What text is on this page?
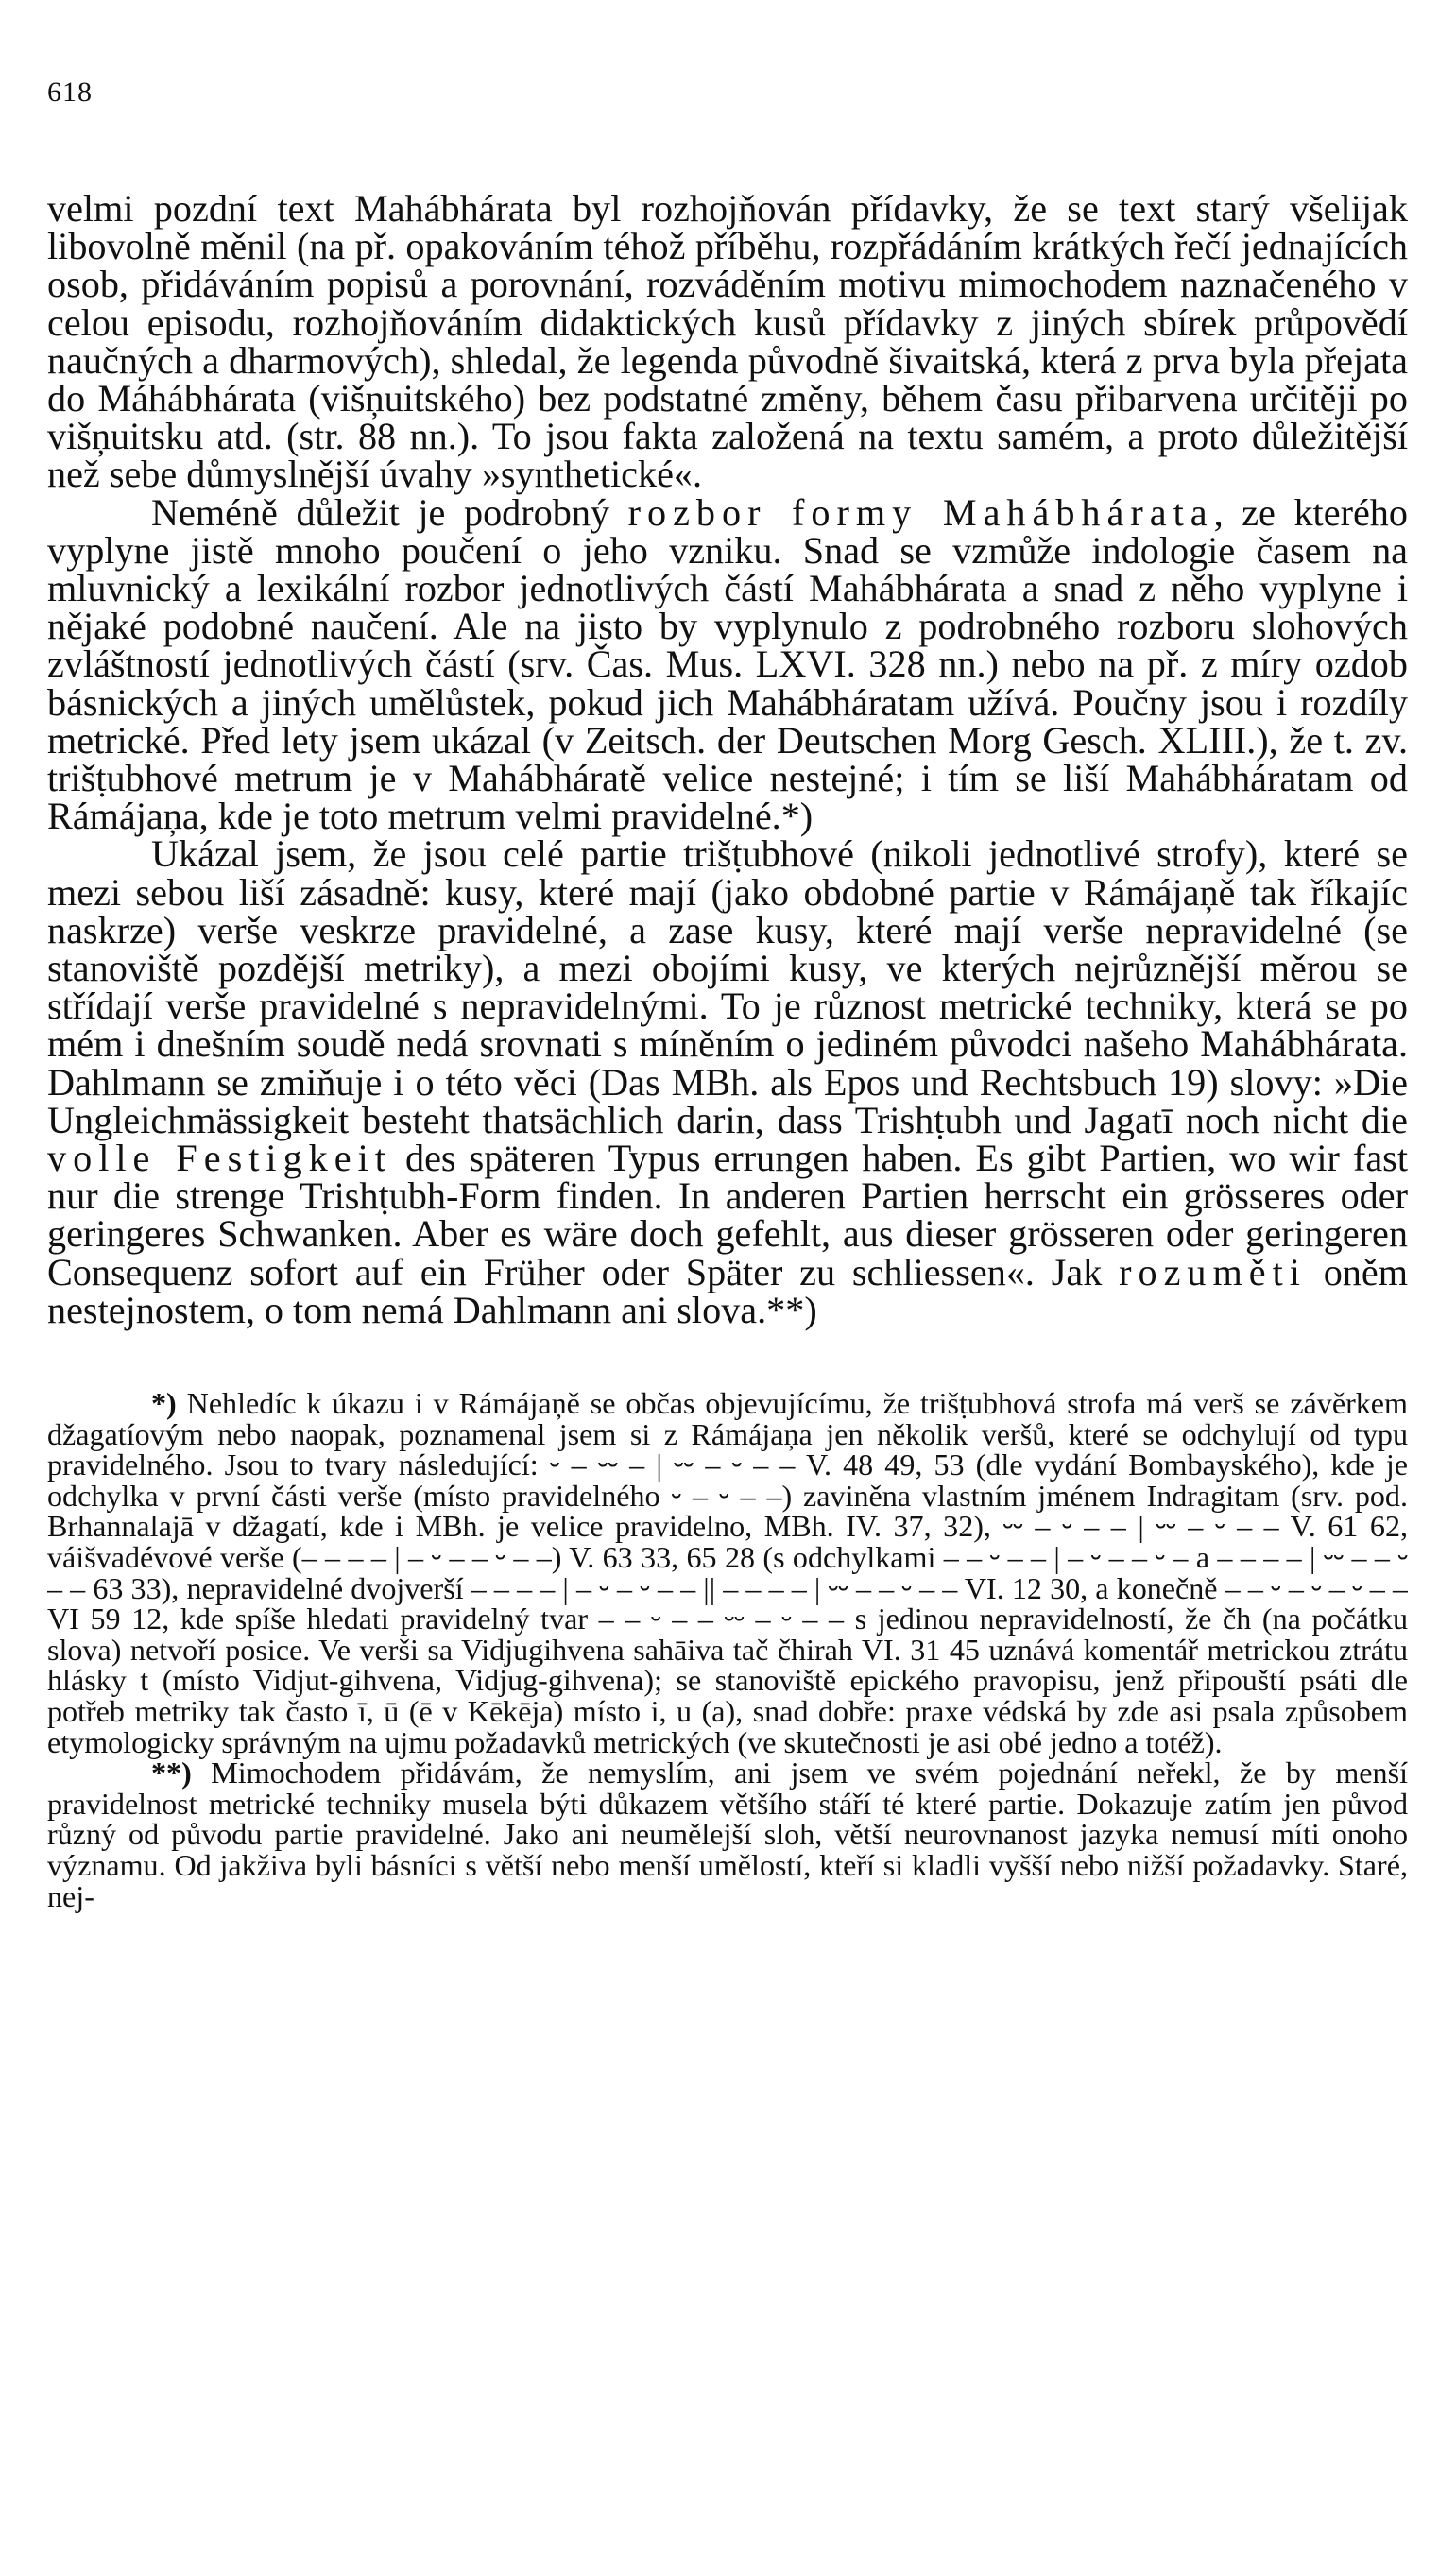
618

velmi pozdní text Mahábhárata byl rozhojňován přídavky, že se text starý všelijak libovolně měnil (na př. opakováním téhož příběhu, rozpřádáním krátkých řečí jednajících osob, přidáváním popisů a porovnání, rozváděním motivu mimochodem naznačeného v celou episodu, rozhojňováním didaktických kusů přídavky z jiných sbírek průpovědí naučných a dharmových), shledal, že legenda původně šivaitská, která z prva byla přejata do Máhábhárata (višņuitského) bez podstatné změny, během času přibarvena určitěji po višņuitsku atd. (str. 88 nn.). To jsou fakta založená na textu samém, a proto důležitější než sebe důmyslnější úvahy »synthetické«.

Neméně důležit je podrobný rozbor formy Mahábhárata, ze kterého vyplyne jistě mnoho poučení o jeho vzniku. Snad se vzmůže indologie časem na mluvnický a lexikální rozbor jednotlivých částí Mahábhárata a snad z něho vyplyne i nějaké podobné naučení. Ale na jisto by vyplynulo z podrobného rozboru slohových zvláštností jednotlivých částí (srv. Čas. Mus. LXVI. 328 nn.) nebo na př. z míry ozdob básnických a jiných umělůstek, pokud jich Mahábháratam užívá. Poučny jsou i rozdíly metrické. Před lety jsem ukázal (v Zeitsch. der Deutschen Morg Gesch. XLIII.), že t. zv. trišṭubhové metrum je v Mahábháratě velice nestejné; i tím se liší Mahábháratam od Rámájaņa, kde je toto metrum velmi pravidelné.*)

Ukázal jsem, že jsou celé partie trišṭubhové (nikoli jednotlivé strofy), které se mezi sebou liší zásadně: kusy, které mají (jako obdobné partie v Rámájaņě tak říkajíc naskrze) verše veskrze pravidelné, a zase kusy, které mají verše nepravidelné (se stanoviště pozdější metriky), a mezi obojími kusy, ve kterých nejrůznější měrou se střídají verše pravidelné s nepravidelnými. To je různost metrické techniky, která se po mém i dnešním soudě nedá srovnati s míněním o jediném původci našeho Mahábhárata. Dahlmann se zmiňuje i o této věci (Das MBh. als Epos und Rechtsbuch 19) slovy: »Die Ungleichmässigkeit besteht thatsächlich darin, dass Trishṭubh und Jagatī noch nicht die volle Festigkeit des späteren Typus errungen haben. Es gibt Partien, wo wir fast nur die strenge Trishṭubh-Form finden. In anderen Partien herrscht ein grösseres oder geringeres Schwanken. Aber es wäre doch gefehlt, aus dieser grösseren oder geringeren Consequenz sofort auf ein Früher oder Später zu schliessen«. Jak rozuměti oněm nestejnostem, o tom nemá Dahlmann ani slova.**)

*) Nehledíc k úkazu i v Rámájaņě se občas objevujícímu, že trišṭubhová strofa má verš se závěrkem džagatíovým nebo naopak, poznamenal jsem si z Rámájaņa jen několik veršů, které se odchylují od typu pravidelného. Jsou to tvary následující: ⏑ – ⏑⏑ – | ⏑⏑ – ⏑ – – V. 48 49, 53 (dle vydání Bombayského), kde je odchylka v první části verše (místo pravidelného ⏑ – ⏑ – –) zaviněna vlastním jménem Indragitam (srv. pod. Brhannalajā v džagatí, kde i MBh. je velice pravidelno, MBh. IV. 37, 32), ⏑⏑ – ⏑ – – | ⏑⏑ – ⏑ – – V. 61 62, váišvadévové verše (– – – – | – ⏑ – – ⏑ – –) V. 63 33, 65 28 (s odchylkami – – ⏑ – – | – ⏑ – – ⏑ – a – – – – | ⏑⏑ – – ⏑ – – 63 33), nepravidelné dvojverší – – – – | – ⏑ – ⏑ – – || – – – – | ⏑⏑ – – ⏑ – – VI. 12 30, a konečně – – ⏑ – ⏑ – ⏑ – – VI 59 12, kde spíše hledati pravidelný tvar – – ⏑ – – ⏑⏑ – ⏑ – – s jedinou nepravidelností, že čh (na počátku slova) netvoří posice. Ve verši sa Vidjugihvena sahāiva tač čhirah VI. 31 45 uznává komentář metrickou ztrátu hlásky t (místo Vidjut-gihvena, Vidjug-gihvena); se stanoviště epického pravopisu, jenž připouští psáti dle potřeb metriky tak často ī, ū (ē v Kēkēja) místo i, u (a), snad dobře: praxe védská by zde asi psala způsobem etymologicky správným na ujmu požadavků metrických (ve skutečnosti je asi obé jedno a totéž).

**) Mimochodem přidávám, že nemyslím, ani jsem ve svém pojednání neřekl, že by menší pravidelnost metrické techniky musela býti důkazem většího stáří té které partie. Dokazuje zatím jen původ různý od původu partie pravidelné. Jako ani neumělejší sloh, větší neurovnanost jazyka nemusí míti onoho významu. Od jakživa byli básníci s větší nebo menší umělostí, kteří si kladli vyšší nebo nižší požadavky. Staré, nej-
